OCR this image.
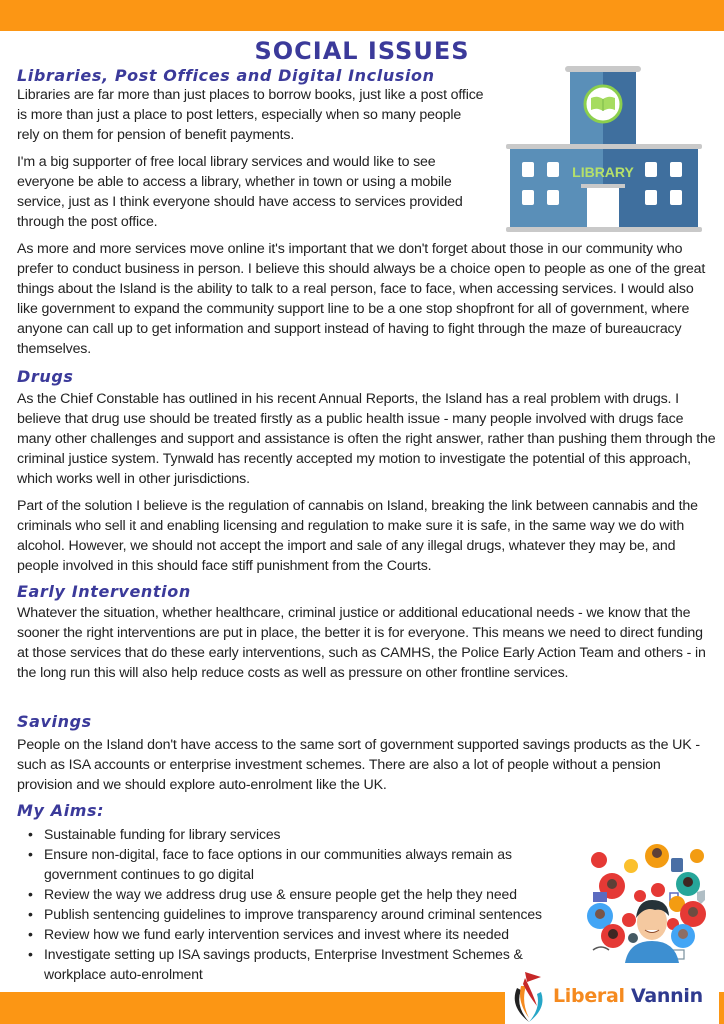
SOCIAL ISSUES
Libraries, Post Offices and Digital Inclusion

Libraries are far more than just places to borrow books, just like a post office is more than just a place to post letters, especially when so many people rely on them for pension of benefit payments.

I'm a big supporter of free local library services and would like to see everyone be able to access a library, whether in town or using a mobile service, just as I think everyone should have access to services provided through the post office.

As more and more services move online it's important that we don't forget about those in our community who prefer to conduct business in person. I believe this should always be a choice open to people as one of the great things about the Island is the ability to talk to a real person, face to face, when accessing services. I would also like government to expand the community support line to be a one stop shopfront for all of government, where anyone can call up to get information and support instead of having to fight through the maze of bureaucracy themselves.

LIBRARY
Drugs

As the Chief Constable has outlined in his recent Annual Reports, the Island has a real problem with drugs. I believe that drug use should be treated firstly as a public health issue - many people involved with drugs face many other challenges and support and assistance is often the right answer, rather than pushing them through the criminal justice system. Tynwald has recently accepted my motion to investigate the potential of this approach, which works well in other jurisdictions.

Part of the solution I believe is the regulation of cannabis on Island, breaking the link between cannabis and the criminals who sell it and enabling licensing and regulation to make sure it is safe, in the same way we do with alcohol. However, we should not accept the import and sale of any illegal drugs, whatever they may be, and people involved in this should face stiff punishment from the Courts.

Early Intervention

Whatever the situation, whether healthcare, criminal justice or additional educational needs - we know that the sooner the right interventions are put in place, the better it is for everyone. This means we need to direct funding at those services that do these early interventions, such as CAMHS, the Police Early Action Team and others - in the long run this will also help reduce costs as well as pressure on other frontline services.

Savings

People on the Island don't have access to the same sort of government supported savings products as the UK - such as ISA accounts or enterprise investment schemes. There are also a lot of people without a pension provision and we should explore auto-enrolment like the UK.

My Aims:
• Sustainable funding for library services
• Ensure non-digital, face to face options in our communities always remain as government continues to go digital
• Review the way we address drug use & ensure people get the help they need
• Publish sentencing guidelines to improve transparency around criminal sentences
• Review how we fund early intervention services and invest where its needed
• Investigate setting up ISA savings products, Enterprise Investment Schemes & workplace auto-enrolment
Liberal Vannin
